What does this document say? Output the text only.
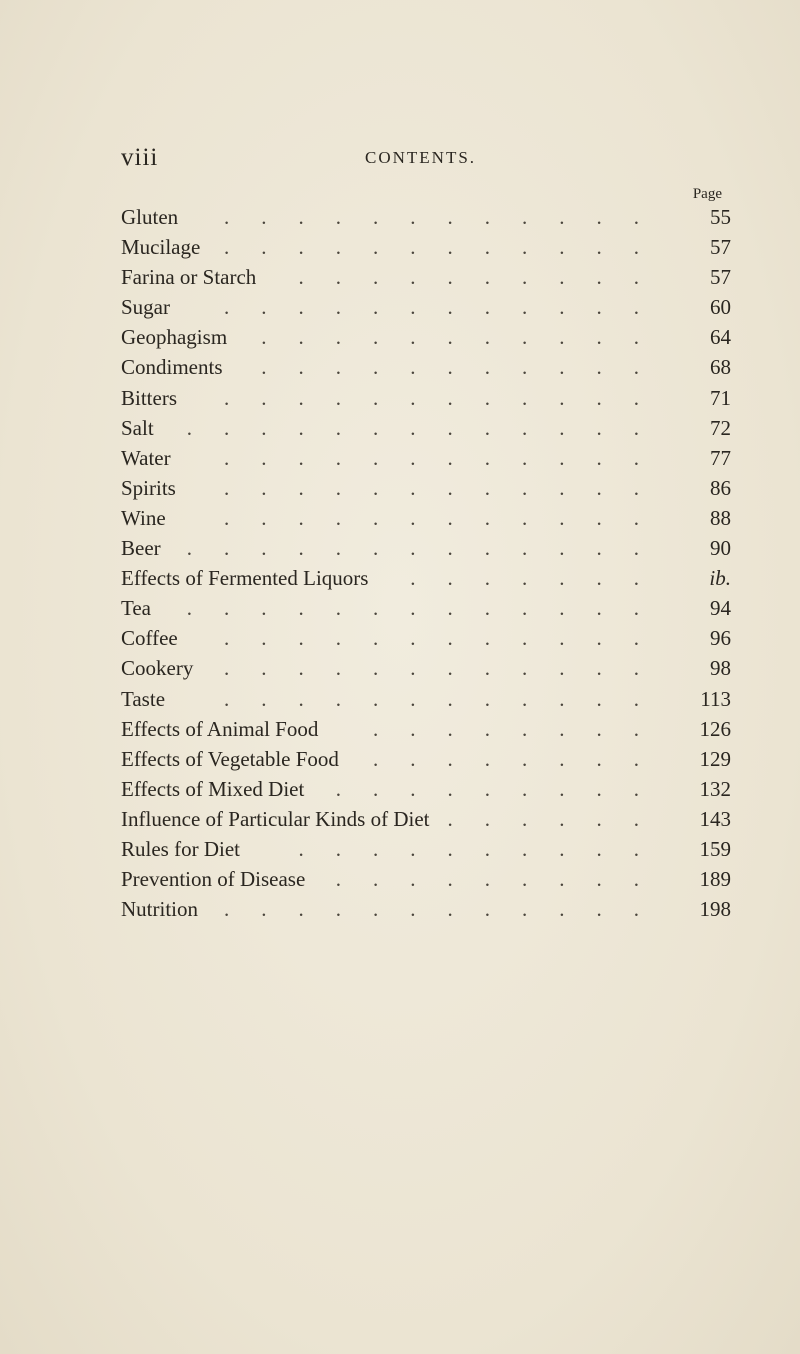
viii	CONTENTS.
Page
Gluten	............	55
Mucilage	............	57
Farina or Starch	..........	57
Sugar	............	60
Geophagism	...........	64
Condiments	...........	68
Bitters	............	71
Salt	.............	72
Water	............	77
Spirits	............	86
Wine	............	88
Beer	.............	90
Effects of Fermented Liquors	.......	ib.
Tea	.............	94
Coffee	............	96
Cookery	............	98
Taste	............	113
Effects of Animal Food	........	126
Effects of Vegetable Food	........	129
Effects of Mixed Diet	.........	132
Influence of Particular Kinds of Diet ......	143
Rules for Diet	..........	159
Prevention of Disease	.........	189
Nutrition	............	198
